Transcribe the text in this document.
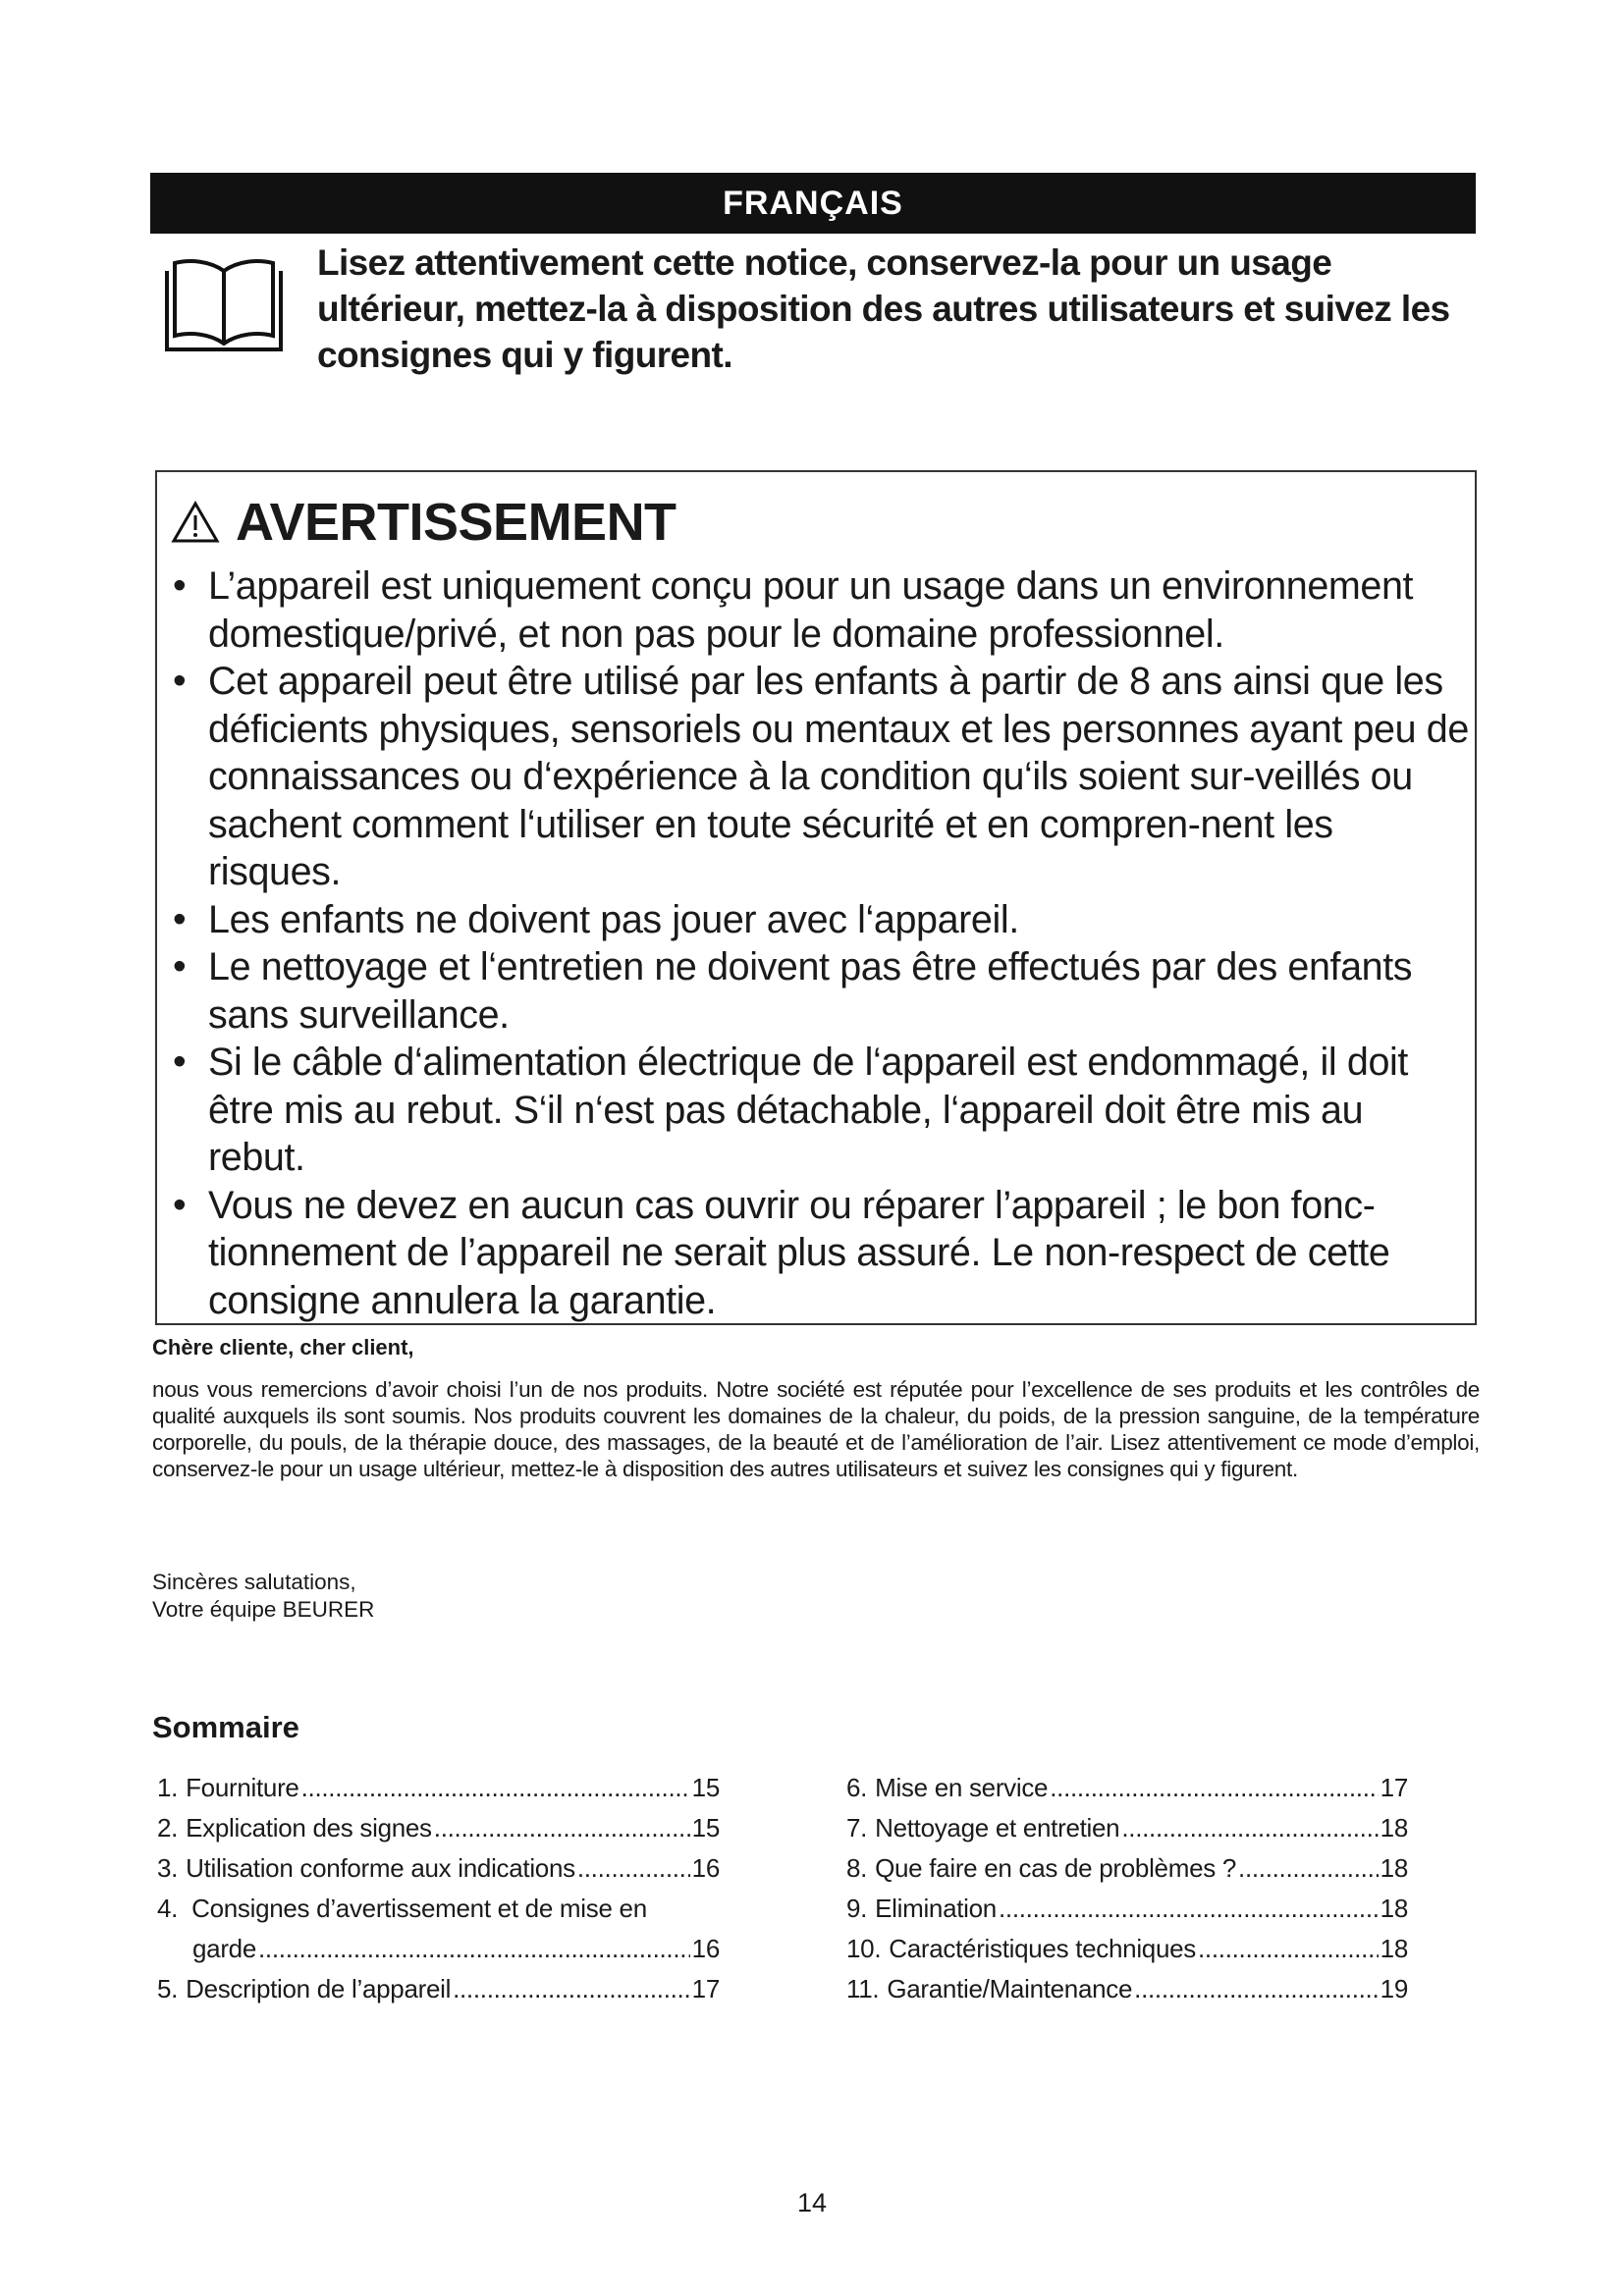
FRANÇAIS
Lisez attentivement cette notice, conservez-la pour un usage ultérieur, mettez-la à disposition des autres utilisateurs et suivez les consignes qui y figurent.
AVERTISSEMENT
• L’appareil est uniquement conçu pour un usage dans un environnement domestique/privé, et non pas pour le domaine professionnel.
• Cet appareil peut être utilisé par les enfants à partir de 8 ans ainsi que les déficients physiques, sensoriels ou mentaux et les personnes ayant peu de connaissances ou d‘expérience à la condition qu‘ils soient sur-veillés ou sachent comment l‘utiliser en toute sécurité et en compren-nent les risques.
• Les enfants ne doivent pas jouer avec l‘appareil.
• Le nettoyage et l‘entretien ne doivent pas être effectués par des enfants sans surveillance.
• Si le câble d‘alimentation électrique de l‘appareil est endommagé, il doit être mis au rebut. S‘il n‘est pas détachable, l‘appareil doit être mis au rebut.
• Vous ne devez en aucun cas ouvrir ou réparer l’appareil ; le bon fonc-tionnement de l’appareil ne serait plus assuré. Le non-respect de cette consigne annulera la garantie.
Chère cliente, cher client,
nous vous remercions d’avoir choisi l’un de nos produits. Notre société est réputée pour l’excellence de ses produits et les contrôles de qualité auxquels ils sont soumis. Nos produits couvrent les domaines de la chaleur, du poids, de la pression sanguine, de la température corporelle, du pouls, de la thérapie douce, des massages, de la beauté et de l’amélioration de l’air. Lisez attentivement ce mode d’emploi, conservez-le pour un usage ultérieur, mettez-le à disposition des autres utilisateurs et suivez les consignes qui y figurent.
Sincères salutations,
Votre équipe BEURER
Sommaire
1. Fourniture .....	15
2. Explication des signes .....	15
3. Utilisation conforme aux indications .....	16
4. Consignes d’avertissement et de mise en
garde .....	16
5. Description de l’appareil .....	17
6. Mise en service .....	17
7. Nettoyage et entretien .....	18
8. Que faire en cas de problèmes ? .....	18
9. Elimination .....	18
10. Caractéristiques techniques .....	18
11. Garantie/Maintenance .....	19
14
